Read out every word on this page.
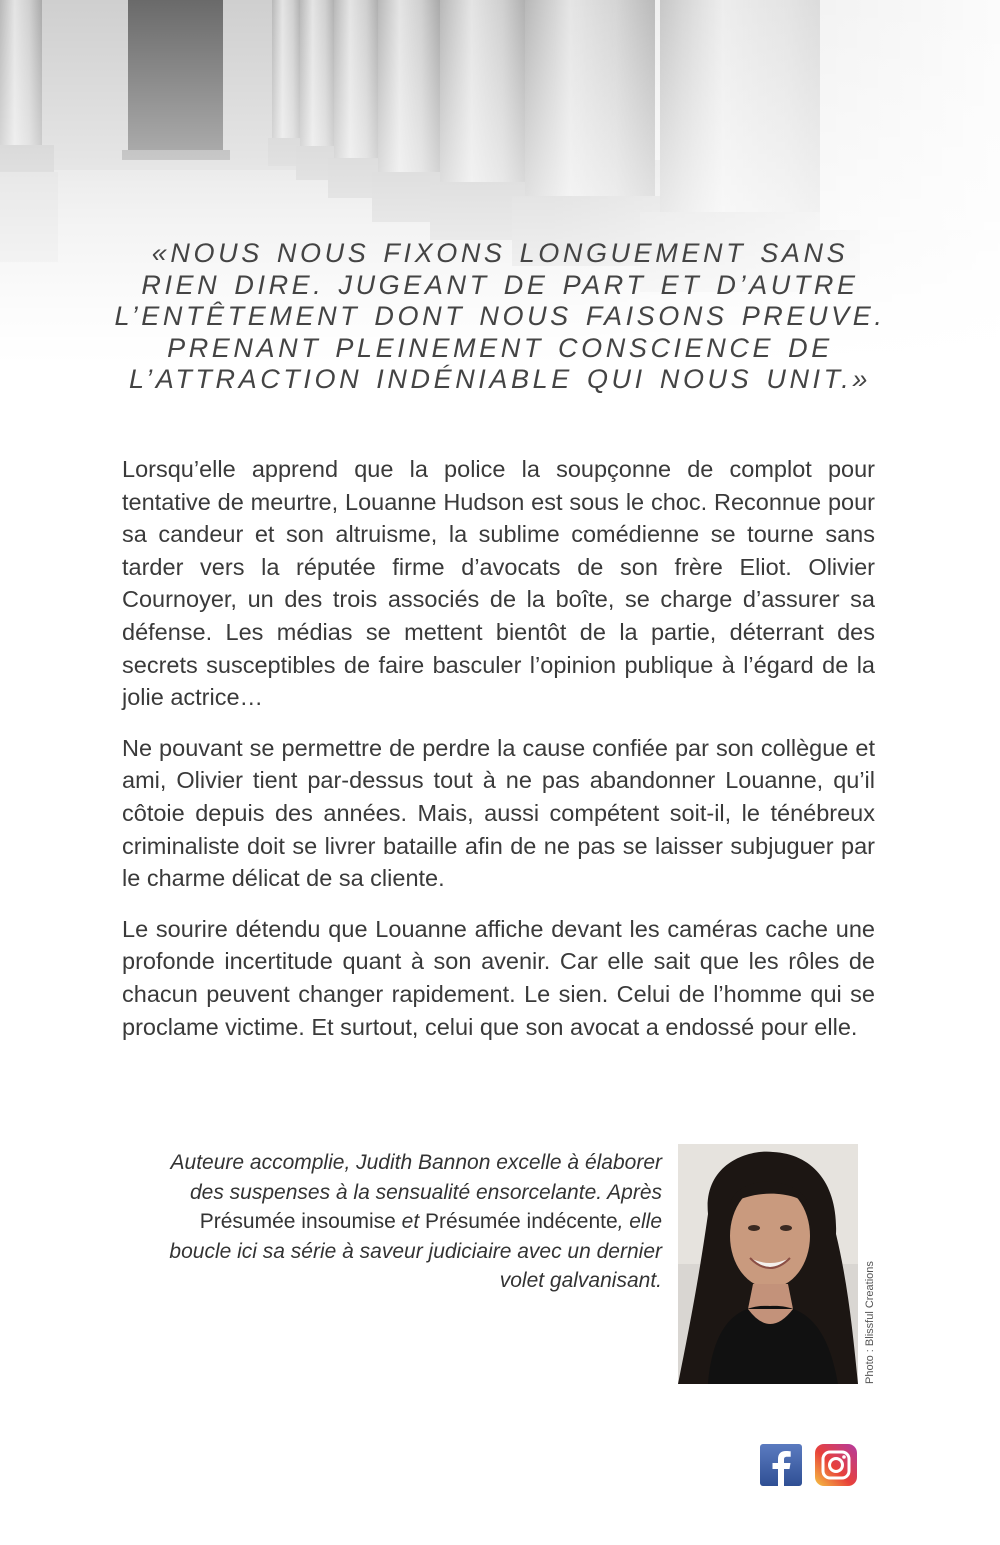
«NOUS NOUS FIXONS LONGUEMENT SANS
RIEN DIRE. JUGEANT DE PART ET D’AUTRE
L’ENTÊTEMENT DONT NOUS FAISONS PREUVE.
PRENANT PLEINEMENT CONSCIENCE DE
L’ATTRACTION INDÉNIABLE QUI NOUS UNIT.»

Lorsqu’elle apprend que la police la soupçonne de complot pour tentative de meurtre, Louanne Hudson est sous le choc. Reconnue pour sa candeur et son altruisme, la sublime comédienne se tourne sans tarder vers la réputée firme d’avocats de son frère Eliot. Olivier Cournoyer, un des trois associés de la boîte, se charge d’assurer sa défense. Les médias se mettent bientôt de la partie, déterrant des secrets susceptibles de faire basculer l’opinion publique à l’égard de la jolie actrice…

Ne pouvant se permettre de perdre la cause confiée par son collègue et ami, Olivier tient par-dessus tout à ne pas abandonner Louanne, qu’il côtoie depuis des années. Mais, aussi compétent soit-il, le ténébreux criminaliste doit se livrer bataille afin de ne pas se laisser subjuguer par le charme délicat de sa cliente.

Le sourire détendu que Louanne affiche devant les caméras cache une profonde incertitude quant à son avenir. Car elle sait que les rôles de chacun peuvent changer rapidement. Le sien. Celui de l’homme qui se proclame victime. Et surtout, celui que son avocat a endossé pour elle.

Auteure accomplie, Judith Bannon excelle à élaborer des suspenses à la sensualité ensorcelante. Après Présumée insoumise et Présumée indécente, elle boucle ici sa série à saveur judiciaire avec un dernier volet galvanisant.	Photo : Blissful Creations
